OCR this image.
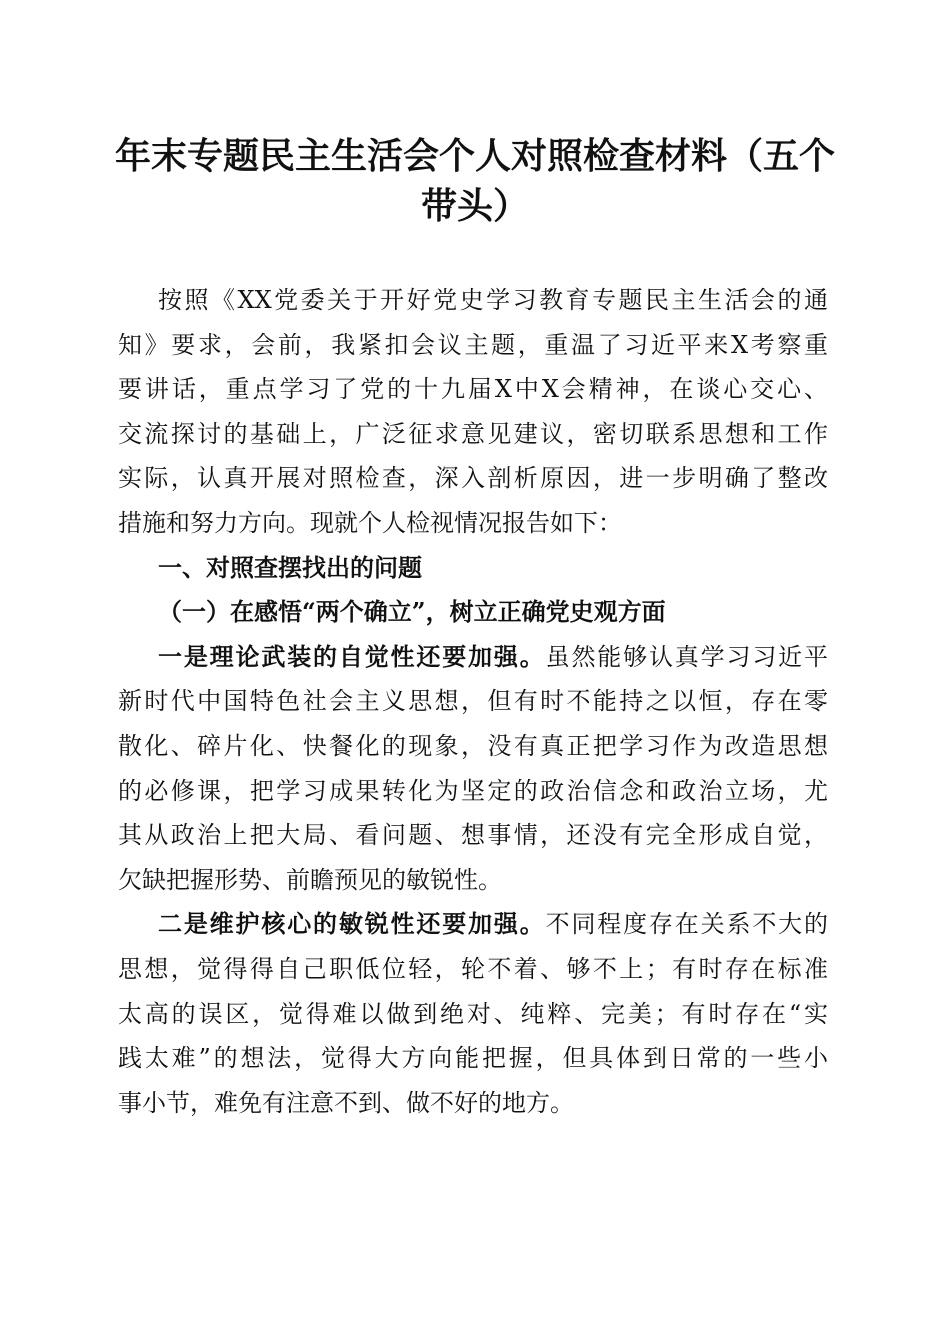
年末专题民主生活会个人对照检查材料（五个
带头）
按照《XX党委关于开好党史学习教育专题民主生活会的通
知》要求，会前，我紧扣会议主题，重温了习近平来X考察重
要讲话，重点学习了党的十九届X中X会精神，在谈心交心、
交流探讨的基础上，广泛征求意见建议，密切联系思想和工作
实际，认真开展对照检查，深入剖析原因，进一步明确了整改
措施和努力方向。现就个人检视情况报告如下：
一、对照查摆找出的问题
（一）在感悟“两个确立”，树立正确党史观方面
一是理论武装的自觉性还要加强。虽然能够认真学习习近平
新时代中国特色社会主义思想，但有时不能持之以恒，存在零
散化、碎片化、快餐化的现象，没有真正把学习作为改造思想
的必修课，把学习成果转化为坚定的政治信念和政治立场，尤
其从政治上把大局、看问题、想事情，还没有完全形成自觉，
欠缺把握形势、前瞻预见的敏锐性。
二是维护核心的敏锐性还要加强。不同程度存在关系不大的
思想，觉得得自己职低位轻，轮不着、够不上；有时存在标准
太高的误区，觉得难以做到绝对、纯粹、完美；有时存在“实
践太难”的想法，觉得大方向能把握，但具体到日常的一些小
事小节，难免有注意不到、做不好的地方。
